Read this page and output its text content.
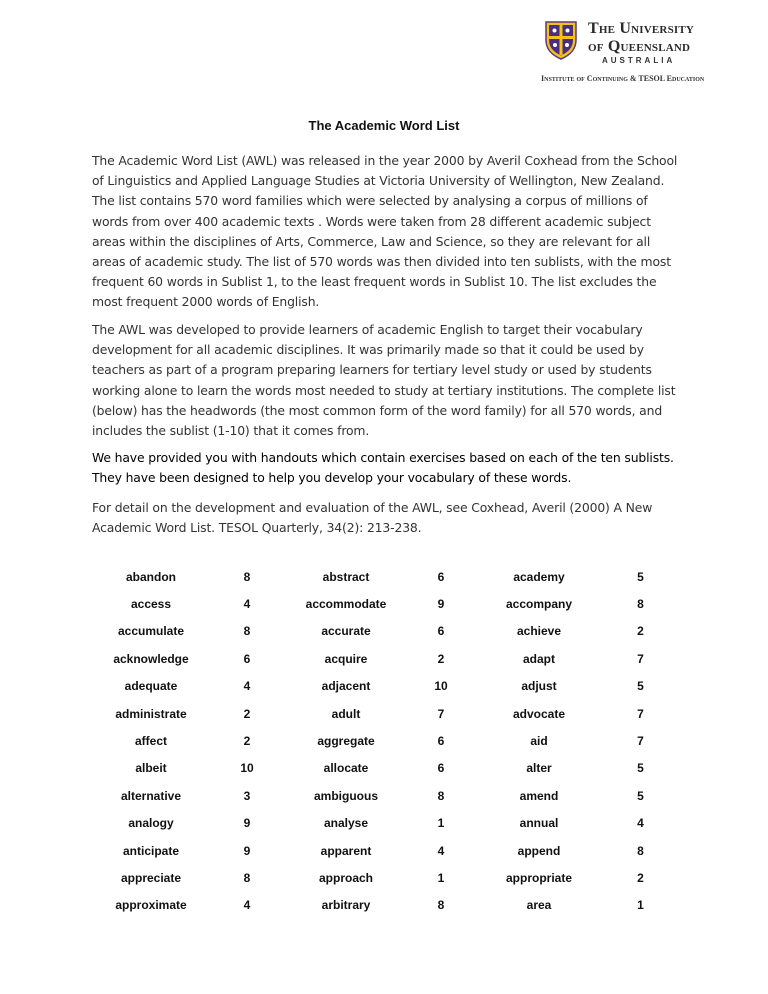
The University
of Queensland
AUSTRALIA
Institute of Continuing & TESOL Education
The Academic Word List
The Academic Word List (AWL) was released in the year 2000 by Averil Coxhead from the School of Linguistics and Applied Language Studies at Victoria University of Wellington, New Zealand. The list contains 570 word families which were selected by analysing a corpus of millions of words from over 400 academic texts . Words were taken from 28 different academic subject areas within the disciplines of Arts, Commerce, Law and Science, so they are relevant for all areas of academic study. The list of 570 words was then divided into ten sublists, with the most frequent 60 words in Sublist 1, to the least frequent words in Sublist 10. The list excludes the most frequent 2000 words of English.
The AWL was developed to provide learners of academic English to target their vocabulary development for all academic disciplines. It was primarily made so that it could be used by teachers as part of a program preparing learners for tertiary level study or used by students working alone to learn the words most needed to study at tertiary institutions. The complete list (below) has the headwords (the most common form of the word family) for all 570 words, and includes the sublist (1-10) that it comes from.
We have provided you with handouts which contain exercises based on each of the ten sublists. They have been designed to help you develop your vocabulary of these words.
For detail on the development and evaluation of the AWL, see Coxhead, Averil (2000) A New Academic Word List. TESOL Quarterly, 34(2): 213-238.
abandon	8	abstract	6	academy	5
access	4	accommodate	9	accompany	8
accumulate	8	accurate	6	achieve	2
acknowledge	6	acquire	2	adapt	7
adequate	4	adjacent	10	adjust	5
administrate	2	adult	7	advocate	7
affect	2	aggregate	6	aid	7
albeit	10	allocate	6	alter	5
alternative	3	ambiguous	8	amend	5
analogy	9	analyse	1	annual	4
anticipate	9	apparent	4	append	8
appreciate	8	approach	1	appropriate	2
approximate	4	arbitrary	8	area	1
